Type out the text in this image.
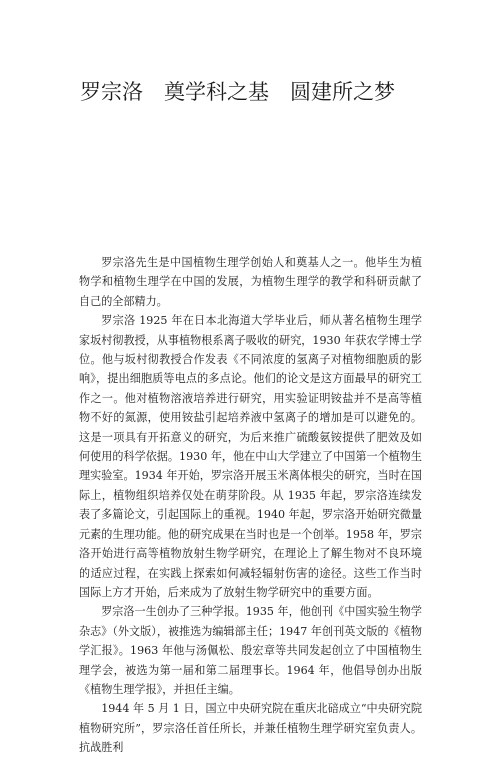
罗宗洛　奠学科之基　圆建所之梦

罗宗洛先生是中国植物生理学创始人和奠基人之一。他毕生为植物学和植物生理学在中国的发展，为植物生理学的教学和科研贡献了自己的全部精力。

罗宗洛 1925 年在日本北海道大学毕业后，师从著名植物生理学家坂村彻教授，从事植物根系离子吸收的研究，1930 年获农学博士学位。他与坂村彻教授合作发表《不同浓度的氢离子对植物细胞质的影响》，提出细胞质等电点的多点论。他们的论文是这方面最早的研究工作之一。他对植物溶液培养进行研究，用实验证明铵盐并不是高等植物不好的氮源，使用铵盐引起培养液中氢离子的增加是可以避免的。这是一项具有开拓意义的研究，为后来推广硫酸氨铵提供了肥效及如何使用的科学依据。1930 年，他在中山大学建立了中国第一个植物生理实验室。1934 年开始，罗宗洛开展玉米离体根尖的研究，当时在国际上，植物组织培养仅处在萌芽阶段。从 1935 年起，罗宗洛连续发表了多篇论文，引起国际上的重视。1940 年起，罗宗洛开始研究微量元素的生理功能。他的研究成果在当时也是一个创举。1958 年，罗宗洛开始进行高等植物放射生物学研究，在理论上了解生物对不良环境的适应过程，在实践上探索如何减轻辐射伤害的途径。这些工作当时国际上方才开始，后来成为了放射生物学研究中的重要方面。

罗宗洛一生创办了三种学报。1935 年，他创刊《中国实验生物学杂志》（外文版），被推选为编辑部主任；1947 年创刊英文版的《植物学汇报》。1963 年他与汤佩松、殷宏章等共同发起创立了中国植物生理学会，被选为第一届和第二届理事长。1964 年，他倡导创办出版《植物生理学报》，并担任主编。

1944 年 5 月 1 日，国立中央研究院在重庆北碚成立“中央研究院植物研究所”，罗宗洛任首任所长，并兼任植物生理学研究室负责人。抗战胜利
